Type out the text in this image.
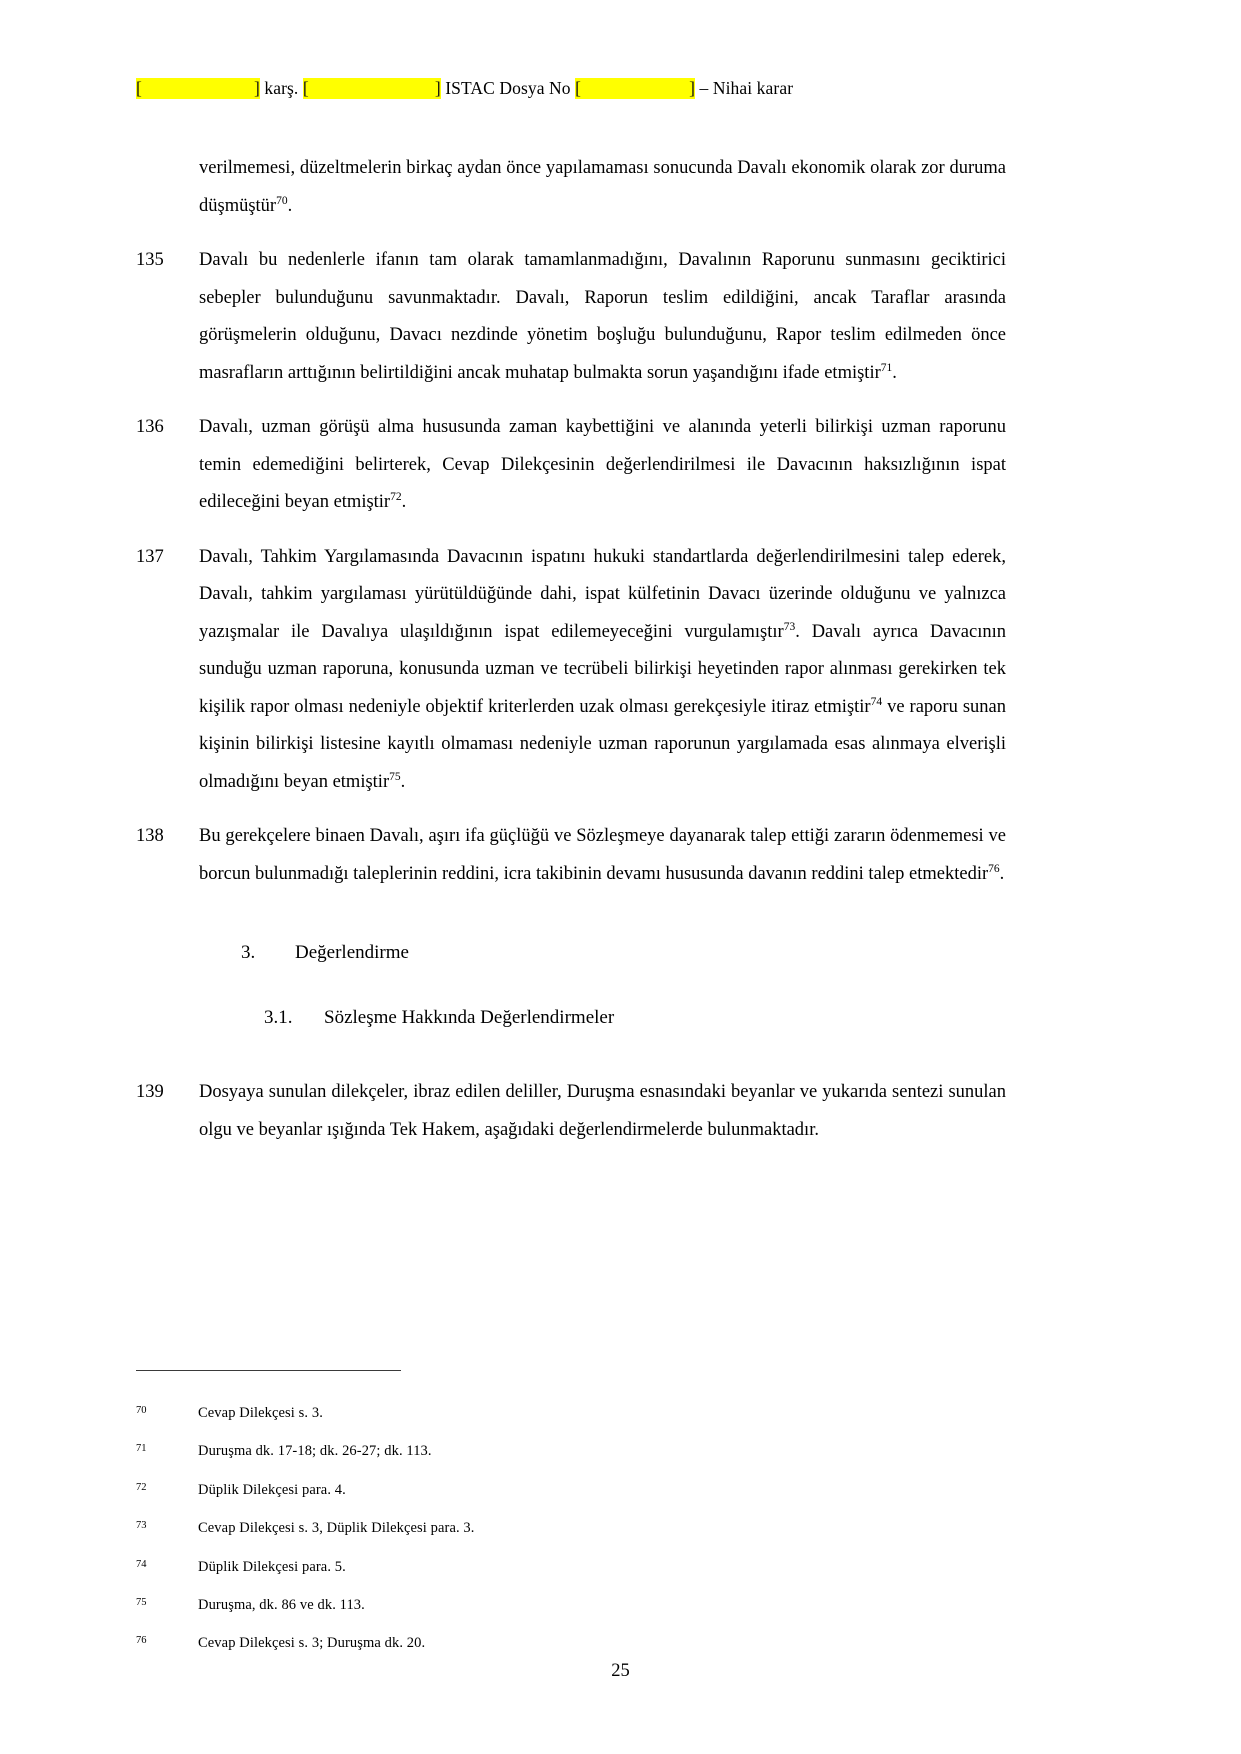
[	] karş. [	] ISTAC Dosya No [	] – Nihai karar
verilmemesi, düzeltmelerin birkaç aydan önce yapılamaması sonucunda Davalı ekonomik olarak zor duruma düşmüştür$^{70}$.
135	Davalı bu nedenlerle ifanın tam olarak tamamlanmadığını, Davalının Raporunu sunmasını geciktirici sebepler bulunduğunu savunmaktadır. Davalı, Raporun teslim edildiğini, ancak Taraflar arasında görüşmelerin olduğunu, Davacı nezdinde yönetim boşluğu bulunduğunu, Rapor teslim edilmeden önce masrafların arttığının belirtildiğini ancak muhatap bulmakta sorun yaşandığını ifade etmiştir$^{71}$.
136	Davalı, uzman görüşü alma hususunda zaman kaybettiğini ve alanında yeterli bilirkişi uzman raporunu temin edemediğini belirterek, Cevap Dilekçesinin değerlendirilmesi ile Davacının haksızlığının ispat edileceğini beyan etmiştir$^{72}$.
137	Davalı, Tahkim Yargılamasında Davacının ispatını hukuki standartlarda değerlendirilmesini talep ederek, Davalı, tahkim yargılaması yürütüldüğünde dahi, ispat külfetinin Davacı üzerinde olduğunu ve yalnızca yazışmalar ile Davalıya ulaşıldığının ispat edilemeyeceğini vurgulamıştır$^{73}$. Davalı ayrıca Davacının sunduğu uzman raporuna, konusunda uzman ve tecrübeli bilirkişi heyetinden rapor alınması gerekirken tek kişilik rapor olması nedeniyle objektif kriterlerden uzak olması gerekçesiyle itiraz etmiştir$^{74}$ ve raporu sunan kişinin bilirkişi listesine kayıtlı olmaması nedeniyle uzman raporunun yargılamada esas alınmaya elverişli olmadığını beyan etmiştir$^{75}$.
138	Bu gerekçelere binaen Davalı, aşırı ifa güçlüğü ve Sözleşmeye dayanarak talep ettiği zararın ödenmemesi ve borcun bulunmadığı taleplerinin reddini, icra takibinin devamı hususunda davanın reddini talep etmektedir$^{76}$.
3.	Değerlendirme
3.1.	Sözleşme Hakkında Değerlendirmeler
139	Dosyaya sunulan dilekçeler, ibraz edilen deliller, Duruşma esnasındaki beyanlar ve yukarıda sentezi sunulan olgu ve beyanlar ışığında Tek Hakem, aşağıdaki değerlendirmelerde bulunmaktadır.
70	Cevap Dilekçesi s. 3.
71	Duruşma dk. 17-18; dk. 26-27; dk. 113.
72	Düplik Dilekçesi para. 4.
73	Cevap Dilekçesi s. 3, Düplik Dilekçesi para. 3.
74	Düplik Dilekçesi para. 5.
75	Duruşma, dk. 86 ve dk. 113.
76	Cevap Dilekçesi s. 3; Duruşma dk. 20.
25
